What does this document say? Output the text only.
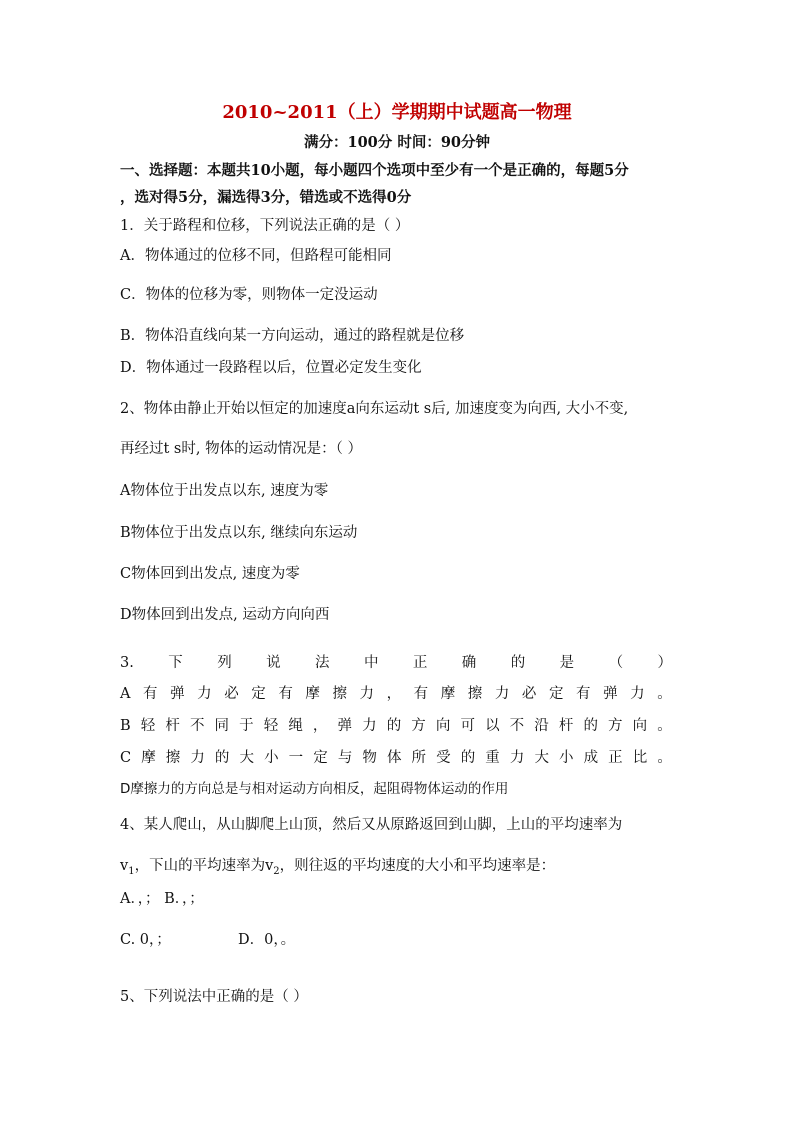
2010~2011（上）学期期中试题高一物理
满分：100分 时间：90分钟
一、选择题：本题共10小题，每小题四个选项中至少有一个是正确的，每题5分
，选对得5分，漏选得3分，错选或不选得0分
1．关于路程和位移，下列说法正确的是（ ）
A．物体通过的位移不同，但路程可能相同
C．物体的位移为零，则物体一定没运动
B．物体沿直线向某一方向运动，通过的路程就是位移
D．物体通过一段路程以后，位置必定发生变化
2、物体由静止开始以恒定的加速度a向东运动t s后, 加速度变为向西, 大小不变,
再经过t s时, 物体的运动情况是：（ ）
A物体位于出发点以东, 速度为零
B物体位于出发点以东, 继续向东运动
C物体回到出发点, 速度为零
D物体回到出发点, 运动方向向西
3. 下 列 说 法 中 正 确 的 是 （ ）
A 有 弹 力 必 定 有 摩 擦 力 ， 有 摩 擦 力 必 定 有 弹 力 。
B 轻 杆 不 同 于 轻 绳 ， 弹 力 的 方 向 可 以 不 沿 杆 的 方 向 。
C 摩 擦 力 的 大 小 一 定 与 物 体 所 受 的 重 力 大 小 成 正 比 。
D摩擦力的方向总是与相对运动方向相反，起阻碍物体运动的作用
4、某人爬山，从山脚爬上山顶，然后又从原路返回到山脚，上山的平均速率为
$v_1$，下山的平均速率为$v_2$，则往返的平均速度的大小和平均速率是：
A．，； B．，；
C. 0，；	D．0，。
5、下列说法中正确的是（ ）
